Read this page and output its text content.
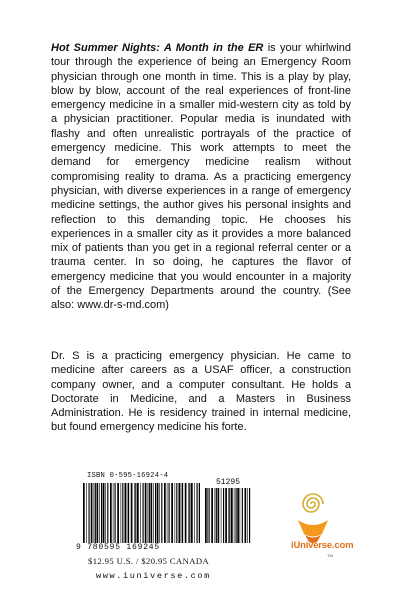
Hot Summer Nights: A Month in the ER is your whirlwind tour through the experience of being an Emergency Room physician through one month in time. This is a play by play, blow by blow, account of the real experiences of front-line emergency medicine in a smaller mid-western city as told by a physician practitioner. Popular media is inundated with flashy and often unrealistic portrayals of the practice of emergency medicine. This work attempts to meet the demand for emergency medicine realism without compromising reality to drama. As a practicing emergency physician, with diverse experiences in a range of emergency medicine settings, the author gives his personal insights and reflection to this demanding topic. He chooses his experiences in a smaller city as it provides a more balanced mix of patients than you get in a regional referral center or a trauma center. In so doing, he captures the flavor of emergency medicine that you would encounter in a majority of the Emergency Departments around the country. (See also: www.dr-s-md.com)

Dr. S is a practicing emergency physician. He came to medicine after careers as a USAF officer, a construction company owner, and a computer consultant. He holds a Doctorate in Medicine, and a Masters in Business Administration. He is residency trained in internal medicine, but found emergency medicine his forte.

ISBN 0-595-16924-4
51295
9 780595 169245
$12.95 U.S. / $20.95 CANADA
www.iuniverse.com
iUniverse.com
TM
